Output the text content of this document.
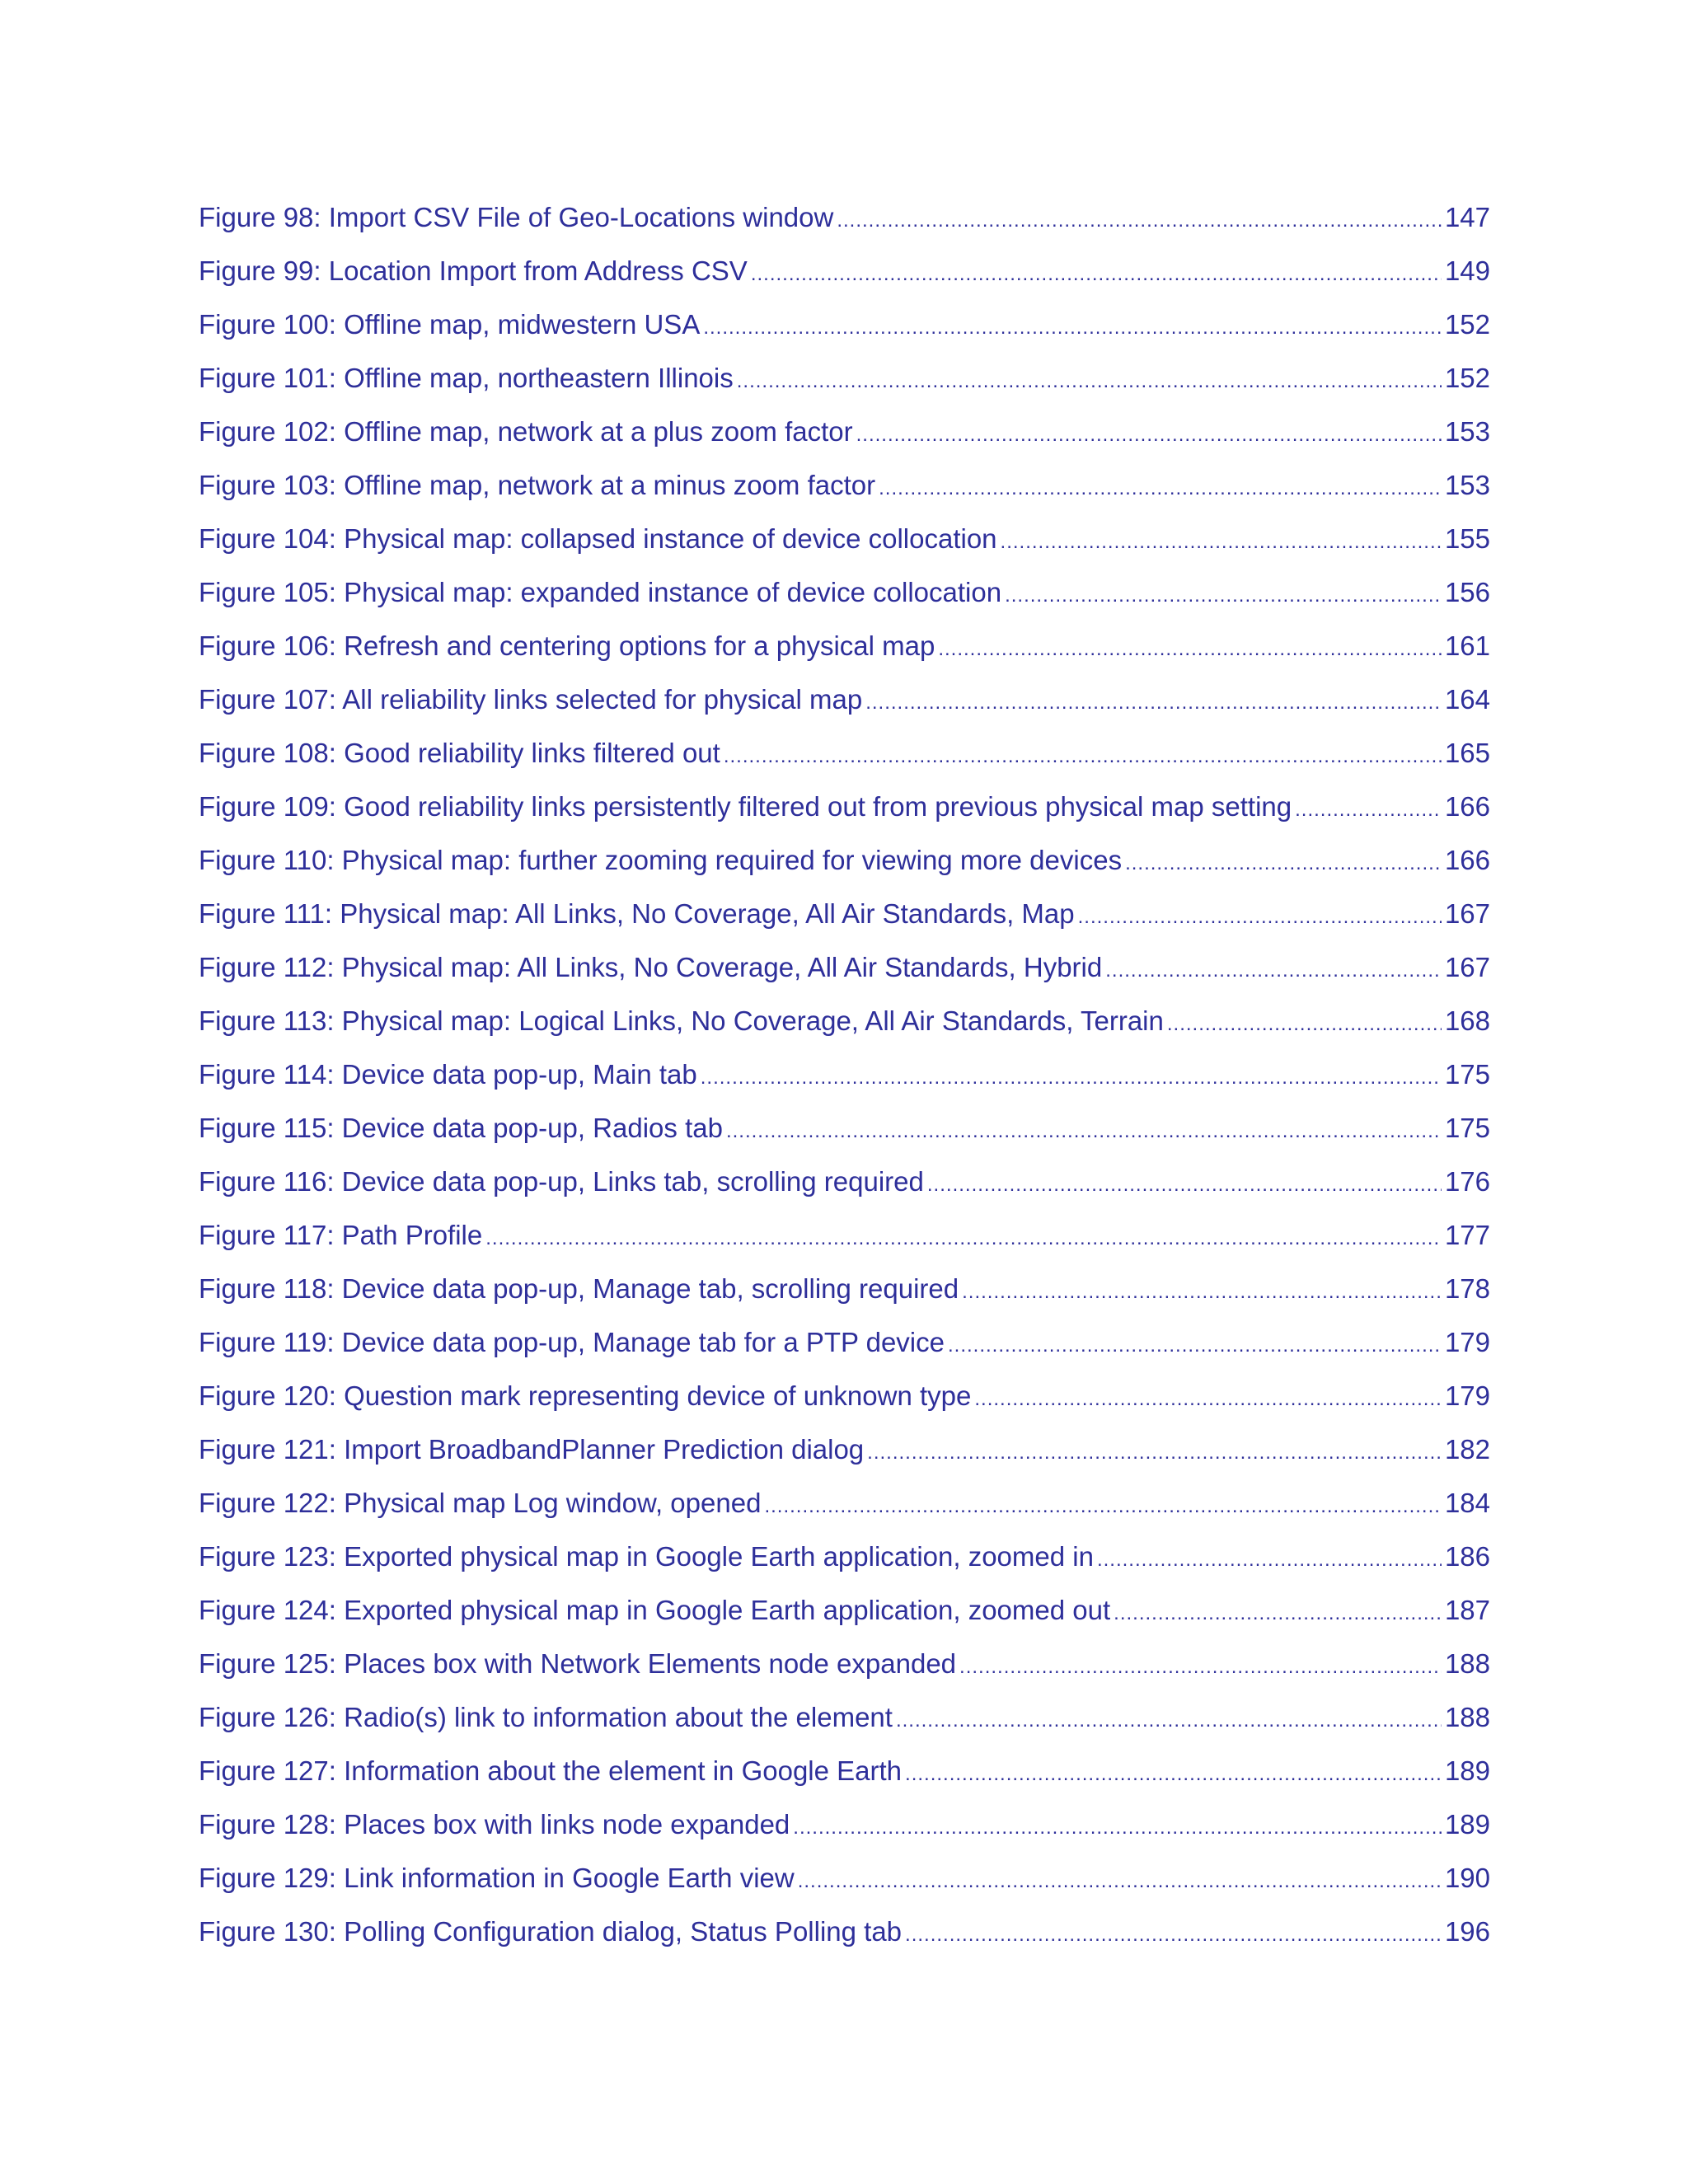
Figure 98: Import CSV File of Geo-Locations window .....	147
Figure 99: Location Import from Address CSV .....	149
Figure 100: Offline map, midwestern USA .....	152
Figure 101: Offline map, northeastern Illinois .....	152
Figure 102: Offline map, network at a plus zoom factor .....	153
Figure 103: Offline map, network at a minus zoom factor .....	153
Figure 104: Physical map: collapsed instance of device collocation .....	155
Figure 105: Physical map: expanded instance of device collocation .....	156
Figure 106: Refresh and centering options for a physical map .....	161
Figure 107: All reliability links selected for physical map .....	164
Figure 108: Good reliability links filtered out .....	165
Figure 109: Good reliability links persistently filtered out from previous physical map setting .....	166
Figure 110: Physical map: further zooming required for viewing more devices .....	166
Figure 111: Physical map: All Links, No Coverage, All Air Standards, Map .....	167
Figure 112: Physical map: All Links, No Coverage, All Air Standards, Hybrid .....	167
Figure 113: Physical map: Logical Links, No Coverage, All Air Standards, Terrain .....	168
Figure 114: Device data pop-up, Main tab .....	175
Figure 115: Device data pop-up, Radios tab .....	175
Figure 116: Device data pop-up, Links tab, scrolling required .....	176
Figure 117: Path Profile .....	177
Figure 118: Device data pop-up, Manage tab, scrolling required .....	178
Figure 119: Device data pop-up, Manage tab for a PTP device .....	179
Figure 120: Question mark representing device of unknown type .....	179
Figure 121: Import BroadbandPlanner Prediction dialog .....	182
Figure 122: Physical map Log window, opened .....	184
Figure 123: Exported physical map in Google Earth application, zoomed in .....	186
Figure 124: Exported physical map in Google Earth application, zoomed out .....	187
Figure 125: Places box with Network Elements node expanded .....	188
Figure 126: Radio(s) link to information about the element .....	188
Figure 127: Information about the element in Google Earth .....	189
Figure 128: Places box with links node expanded .....	189
Figure 129: Link information in Google Earth view .....	190
Figure 130: Polling Configuration dialog, Status Polling tab .....	196
